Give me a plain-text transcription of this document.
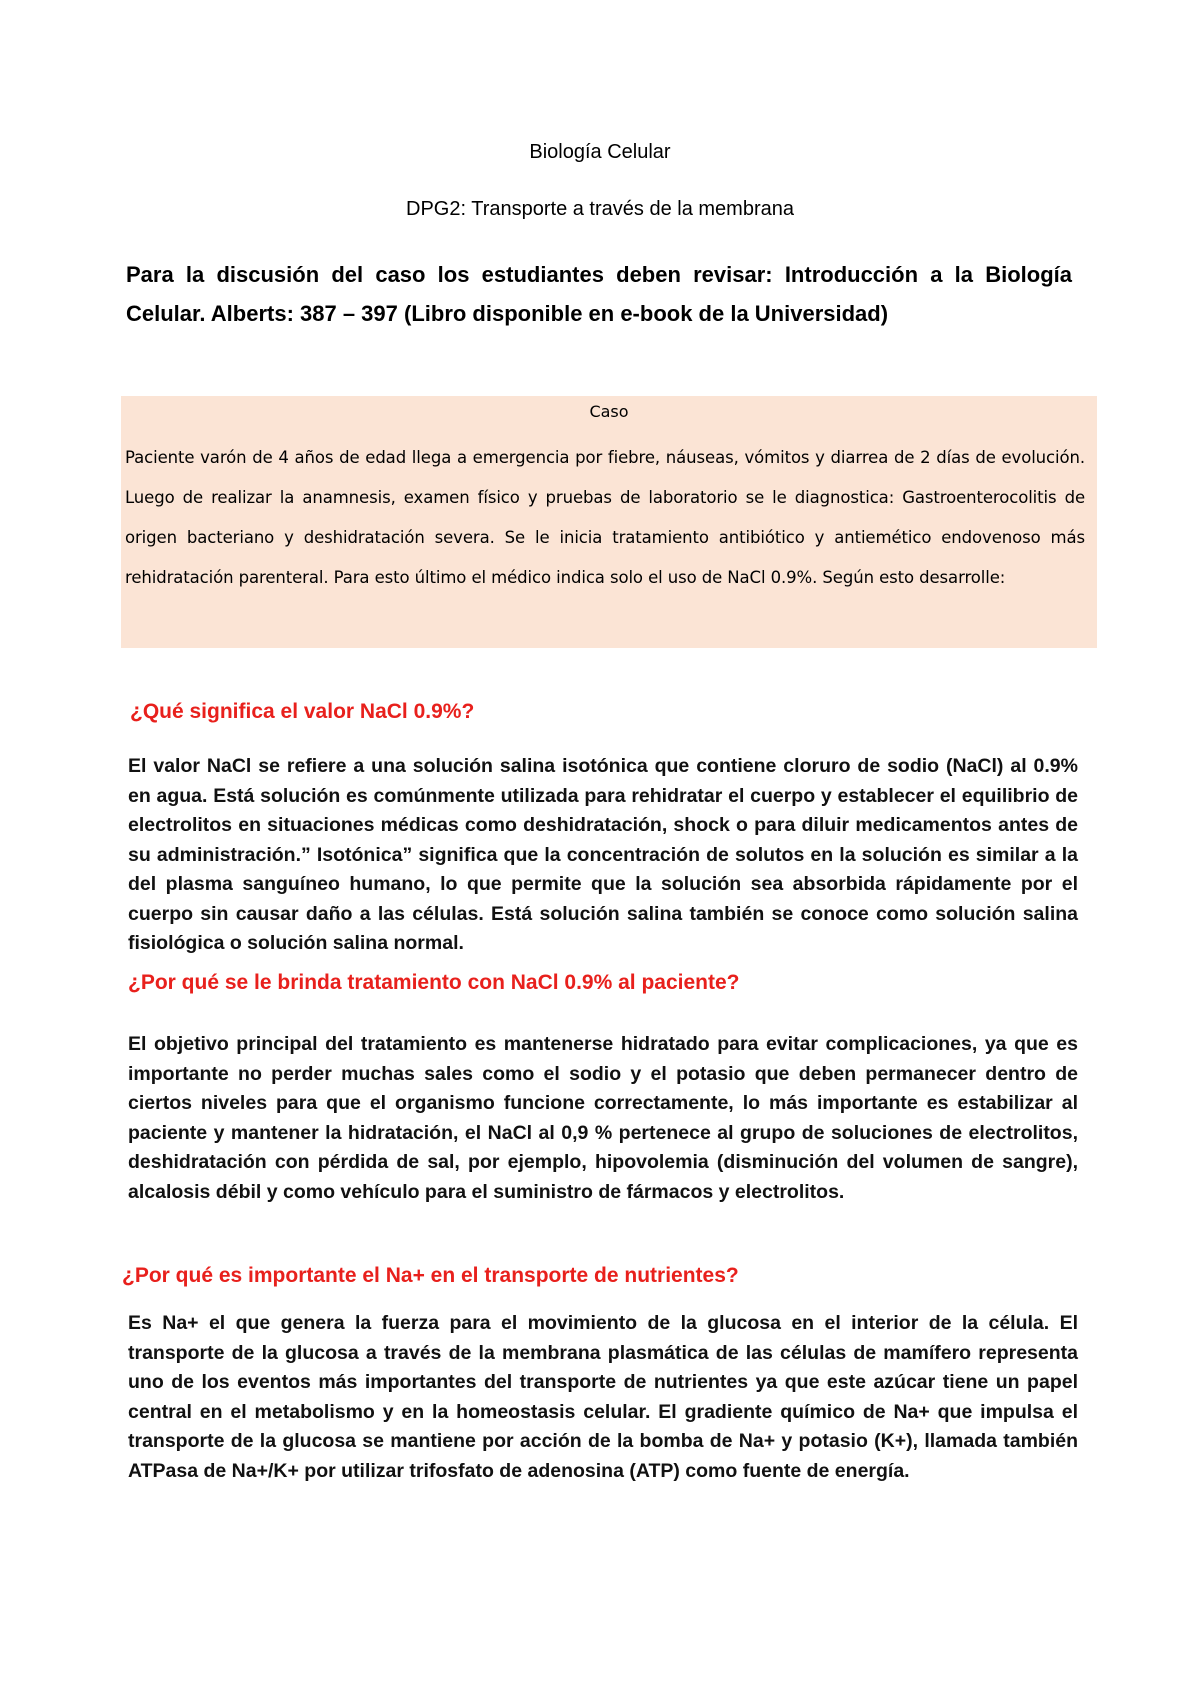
Biología Celular
DPG2: Transporte a través de la membrana
Para la discusión del caso los estudiantes deben revisar: Introducción a la Biología Celular. Alberts: 387 – 397 (Libro disponible en e-book de la Universidad)
Caso
Paciente varón de 4 años de edad llega a emergencia por fiebre, náuseas, vómitos y diarrea de 2 días de evolución. Luego de realizar la anamnesis, examen físico y pruebas de laboratorio se le diagnostica: Gastroenterocolitis de origen bacteriano y deshidratación severa. Se le inicia tratamiento antibiótico y antiemético endovenoso más rehidratación parenteral. Para esto último el médico indica solo el uso de NaCl 0.9%. Según esto desarrolle:
¿Qué significa el valor NaCl 0.9%?
El valor NaCl se refiere a una solución salina isotónica que contiene cloruro de sodio (NaCl) al 0.9% en agua. Está solución es comúnmente utilizada para rehidratar el cuerpo y establecer el equilibrio de electrolitos en situaciones médicas como deshidratación, shock o para diluir medicamentos antes de su administración.” Isotónica” significa que la concentración de solutos en la solución es similar a la del plasma sanguíneo humano, lo que permite que la solución sea absorbida rápidamente por el cuerpo sin causar daño a las células. Está solución salina también se conoce como solución salina fisiológica o solución salina normal.
¿Por qué se le brinda tratamiento con NaCl 0.9% al paciente?
El objetivo principal del tratamiento es mantenerse hidratado para evitar complicaciones, ya que es importante no perder muchas sales como el sodio y el potasio que deben permanecer dentro de ciertos niveles para que el organismo funcione correctamente, lo más importante es estabilizar al paciente y mantener la hidratación, el NaCl al 0,9 % pertenece al grupo de soluciones de electrolitos, deshidratación con pérdida de sal, por ejemplo, hipovolemia (disminución del volumen de sangre), alcalosis débil y como vehículo para el suministro de fármacos y electrolitos.
¿Por qué es importante el Na+ en el transporte de nutrientes?
Es Na+ el que genera la fuerza para el movimiento de la glucosa en el interior de la célula. El transporte de la glucosa a través de la membrana plasmática de las células de mamífero representa uno de los eventos más importantes del transporte de nutrientes ya que este azúcar tiene un papel central en el metabolismo y en la homeostasis celular. El gradiente químico de Na+ que impulsa el transporte de la glucosa se mantiene por acción de la bomba de Na+ y potasio (K+), llamada también ATPasa de Na+/K+ por utilizar trifosfato de adenosina (ATP) como fuente de energía.
